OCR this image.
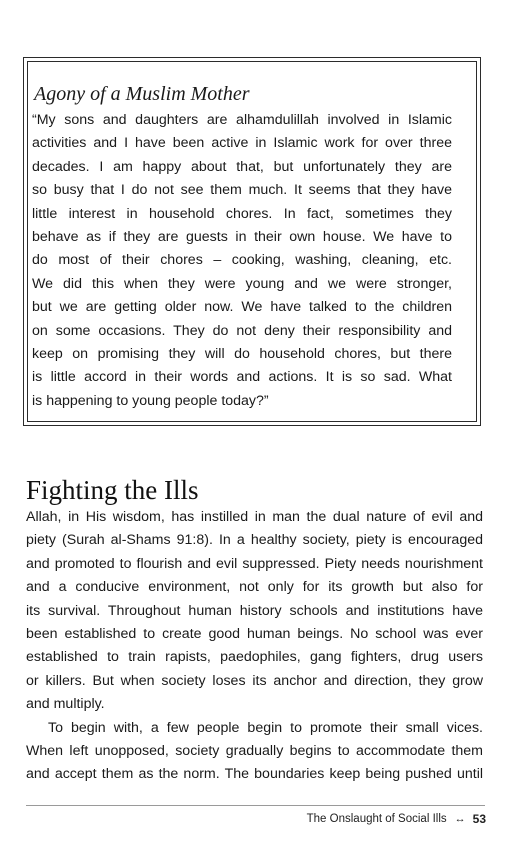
Agony of a Muslim Mother
“My sons and daughters are alhamdulillah involved in Islamic
activities and I have been active in Islamic work for over three
decades. I am happy about that, but unfortunately they are
so busy that I do not see them much. It seems that they have
little interest in household chores. In fact, sometimes they
behave as if they are guests in their own house. We have to
do most of their chores – cooking, washing, cleaning, etc.
We did this when they were young and we were stronger,
but we are getting older now. We have talked to the children
on some occasions. They do not deny their responsibility and
keep on promising they will do household chores, but there
is little accord in their words and actions. It is so sad. What
is happening to young people today?”
Fighting the Ills
Allah, in His wisdom, has instilled in man the dual nature of evil and
piety (Surah al-Shams 91:8). In a healthy society, piety is encouraged
and promoted to flourish and evil suppressed. Piety needs nourishment
and a conducive environment, not only for its growth but also for
its survival. Throughout human history schools and institutions have
been established to create good human beings. No school was ever
established to train rapists, paedophiles, gang fighters, drug users
or killers. But when society loses its anchor and direction, they grow
and multiply.
To begin with, a few people begin to promote their small vices.
When left unopposed, society gradually begins to accommodate them
and accept them as the norm. The boundaries keep being pushed until
The Onslaught of Social Ills ↔ 53
